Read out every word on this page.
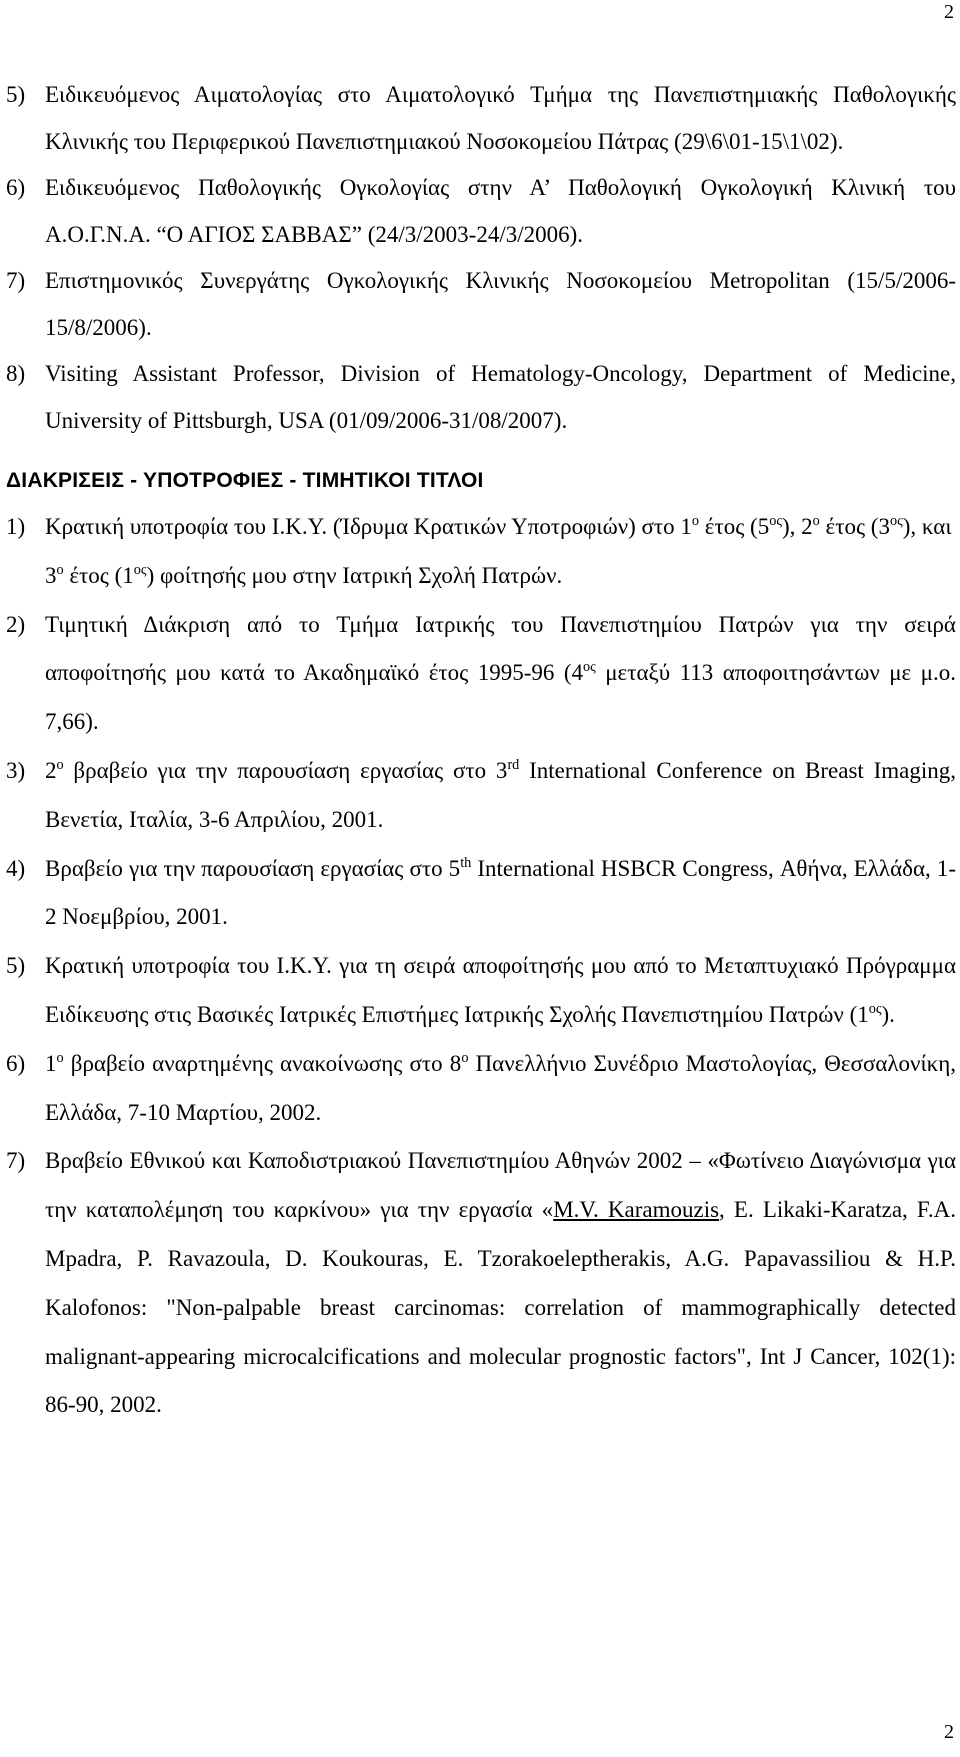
2
5) Ειδικευόμενος Αιματολογίας στο Αιματολογικό Τμήμα της Πανεπιστημιακής Παθολογικής Κλινικής του Περιφερικού Πανεπιστημιακού Νοσοκομείου Πάτρας (29\6\01-15\1\02).
6) Ειδικευόμενος Παθολογικής Ογκολογίας στην Α’ Παθολογική Ογκολογική Κλινική του Α.Ο.Γ.Ν.Α. “Ο ΑΓΙΟΣ ΣΑΒΒΑΣ” (24/3/2003-24/3/2006).
7) Επιστημονικός Συνεργάτης Ογκολογικής Κλινικής Νοσοκομείου Metropolitan (15/5/2006-15/8/2006).
8) Visiting Assistant Professor, Division of Hematology-Oncology, Department of Medicine, University of Pittsburgh, USA (01/09/2006-31/08/2007).
ΔΙΑΚΡΙΣΕΙΣ - ΥΠΟΤΡΟΦΙΕΣ - ΤΙΜΗΤΙΚΟΙ ΤΙΤΛΟΙ
1) Κρατική υποτροφία του Ι.Κ.Υ. (Ίδρυμα Κρατικών Υποτροφιών) στο $1^o$ έτος $(5^{o\varsigma})$, $2^o$ έτος $(3^{o\varsigma})$, και $3^o$ έτος $(1^{o\varsigma})$ φοίτησής μου στην Ιατρική Σχολή Πατρών.
2) Τιμητική Διάκριση από το Τμήμα Ιατρικής του Πανεπιστημίου Πατρών για την σειρά αποφοίτησής μου κατά το Ακαδημαϊκό έτος 1995-96 ($4^{o\varsigma}$ μεταξύ 113 αποφοιτησάντων με μ.ο. 7,66).
3) $2^o$ βραβείο για την παρουσίαση εργασίας στο 3rd International Conference on Breast Imaging, Βενετία, Ιταλία, 3-6 Απριλίου, 2001.
4) Βραβείο για την παρουσίαση εργασίας στο 5th International HSBCR Congress, Αθήνα, Ελλάδα, 1-2 Νοεμβρίου, 2001.
5) Κρατική υποτροφία του Ι.Κ.Υ. για τη σειρά αποφοίτησής μου από το Μεταπτυχιακό Πρόγραμμα Ειδίκευσης στις Βασικές Ιατρικές Επιστήμες Ιατρικής Σχολής Πανεπιστημίου Πατρών $(1^{o\varsigma})$.
6) $1^o$ βραβείο αναρτημένης ανακοίνωσης στο $8^o$ Πανελλήνιο Συνέδριο Μαστολογίας, Θεσσαλονίκη, Ελλάδα, 7-10 Μαρτίου, 2002.
7) Βραβείο Εθνικού και Καποδιστριακού Πανεπιστημίου Αθηνών 2002 – «Φωτίνειο Διαγώνισμα για την καταπολέμηση του καρκίνου» για την εργασία «M.V. Karamouzis, E. Likaki-Karatza, F.A. Mpadra, P. Ravazoula, D. Koukouras, E. Tzorakoeleptherakis, A.G. Papavassiliou & H.P. Kalofonos: "Non-palpable breast carcinomas: correlation of mammographically detected malignant-appearing microcalcifications and molecular prognostic factors", Int J Cancer, 102(1): 86-90, 2002.
2
